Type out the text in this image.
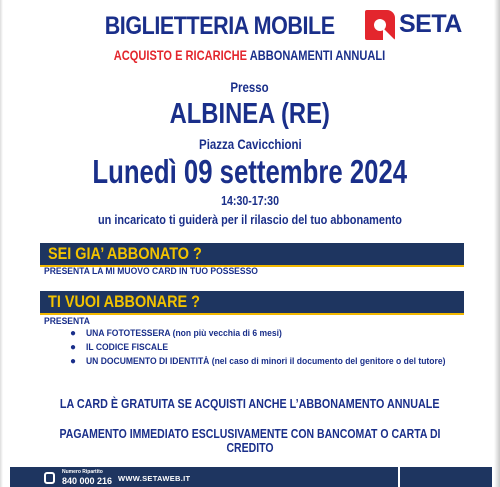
BIGLIETTERIA MOBILE	SETA
ACQUISTO E RICARICHE ABBONAMENTI ANNUALI
Presso
ALBINEA (RE)
Piazza Cavicchioni
Lunedì 09 settembre 2024
14:30-17:30
un incaricato ti guiderà per il rilascio del tuo abbonamento
SEI GIA’ ABBONATO ?
PRESENTA LA MI MUOVO CARD IN TUO POSSESSO
TI VUOI ABBONARE ?
PRESENTA
● UNA FOTOTESSERA (non più vecchia di 6 mesi)
● IL CODICE FISCALE
● UN DOCUMENTO DI IDENTITÀ (nel caso di minori il documento del genitore o del tutore)
LA CARD È GRATUITA SE ACQUISTI ANCHE L’ABBONAMENTO ANNUALE
PAGAMENTO IMMEDIATO ESCLUSIVAMENTE CON BANCOMAT O CARTA DI CREDITO
Numero Ripartito
840 000 216 WWW.SETAWEB.IT
